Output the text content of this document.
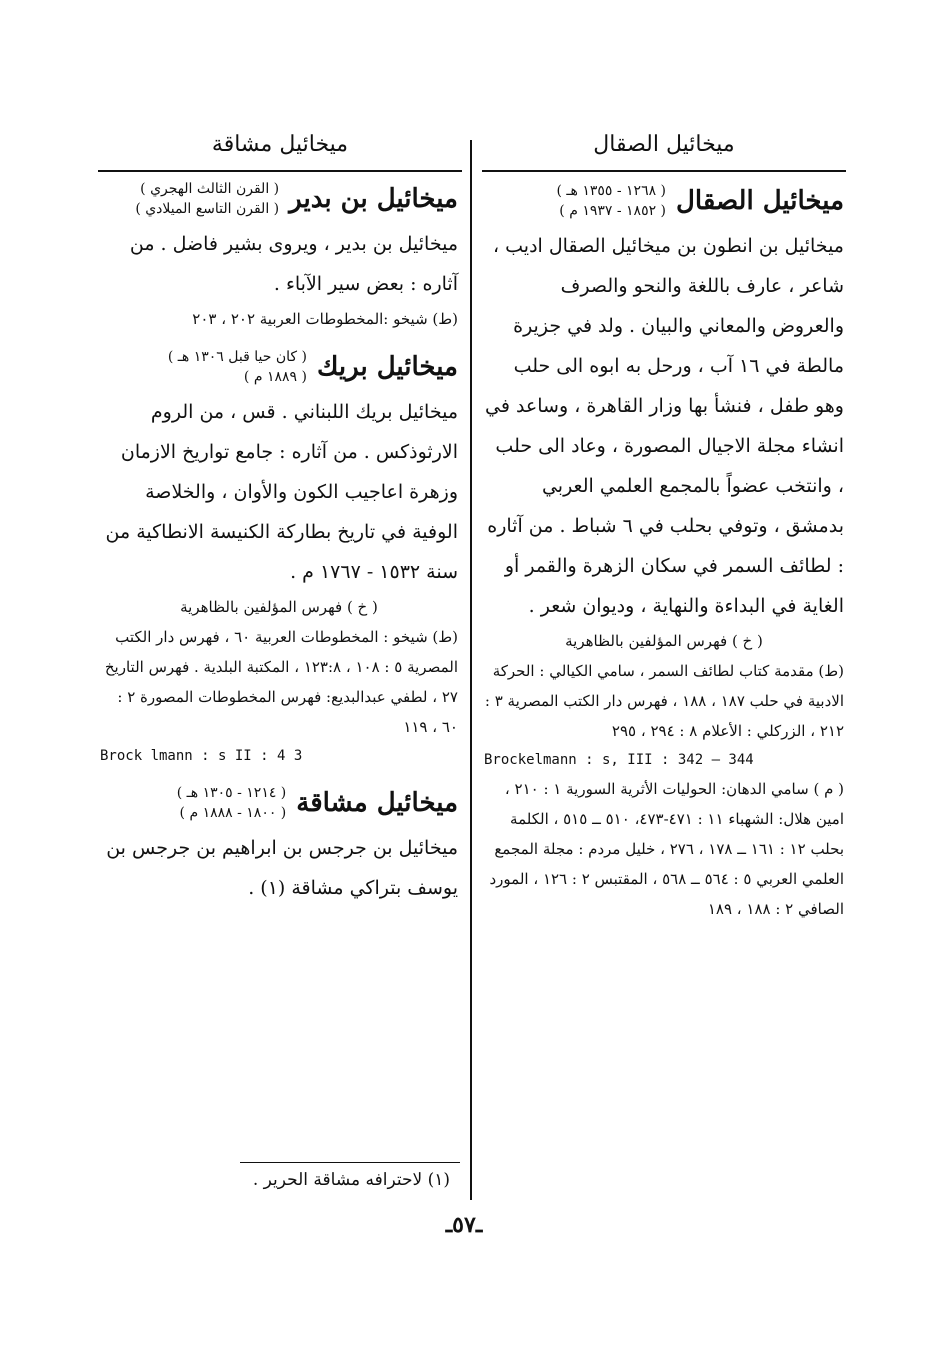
ميخائيل مشاقة	ميخائيل الصقال
ميخائيل الصقال
( ١٢٦٨ - ١٣٥٥ هـ )
( ١٨٥٢ - ١٩٣٧ م )

ميخائيل بن انطون بن ميخائيل الصقال اديب ، شاعر ، عارف باللغة والنحو والصرف والعروض والمعاني والبيان . ولد في جزيرة مالطة في ١٦ آب ، ورحل به ابوه الى حلب وهو طفل ، فنشأ بها وزار القاهرة ، وساعد في انشاء مجلة الاجيال المصورة ، وعاد الى حلب ، وانتخب عضواً بالمجمع العلمي العربي بدمشق ، وتوفي بحلب في ٦ شباط . من آثاره : لطائف السمر في سكان الزهرة والقمر أو الغاية في البداءة والنهاية ، وديوان شعر .

( خ ) فهرس المؤلفين بالظاهرية

(ط) مقدمة كتاب لطائف السمر ، سامي الكيالي : الحركة الادبية في حلب ١٨٧ ، ١٨٨ ، فهرس دار الكتب المصرية ٣ : ٢١٢ ، الزركلي : الأعلام ٨ : ٢٩٤ ، ٢٩٥

Brockelmann : s, III : 342 — 344

( م ) سامي الدهان: الحوليات الأثرية السورية ١ : ٢١٠ ، امين هلال: الشهباء ١١ : ٤٧١-٤٧٣، ٥١٠ ــ ٥١٥ ، الكلمة بحلب ١٢ : ١٦١ ــ ١٧٨ ، ٢٧٦ ، خليل مردم : مجلة المجمع العلمي العربي ٥ : ٥٦٤ ــ ٥٦٨ ، المقتبس ٢ : ١٢٦ ، المورد الصافي ٢ : ١٨٨ ، ١٨٩

ميخائيل بن بدير
( القرن الثالث الهجري )
( القرن التاسع الميلادي )

ميخائيل بن بدير ، ويروى بشير فاضل . من آثاره : بعض سير الآباء .

(ط) شيخو :المخطوطات العربية ٢٠٢ ، ٢٠٣

ميخائيل بريك
( كان حيا قبل ١٣٠٦ هـ )
( ١٨٨٩ م )

ميخائيل بريك اللبناني . قس ، من الروم الارثوذكس . من آثاره : جامع تواريخ الازمان وزهرة اعاجيب الكون والأوان ، والخلاصة الوفية في تاريخ بطاركة الكنيسة الانطاكية من سنة ١٥٣٢ - ١٧٦٧ م .

( خ ) فهرس المؤلفين بالظاهرية

(ط) شيخو : المخطوطات العربية ٦٠ ، فهرس دار الكتب المصرية ٥ : ١٠٨ ، ١٢٣:٨ ، المكتبة البلدية . فهرس التاريخ ٢٧ ، لطفي عبدالبديع: فهرس المخطوطات المصورة ٢ : ٦٠ ، ١١٩

Brock lmann : s II : 4 3

ميخائيل مشاقة
( ١٢١٤ - ١٣٠٥ هـ )
( ١٨٠٠ - ١٨٨٨ م )

ميخائيل بن جرجس بن ابراهيم بن جرجس بن يوسف بتراكي مشاقة (١) .

(١) لاحترافه مشاقة الحرير .
ـ٥٧ـ
